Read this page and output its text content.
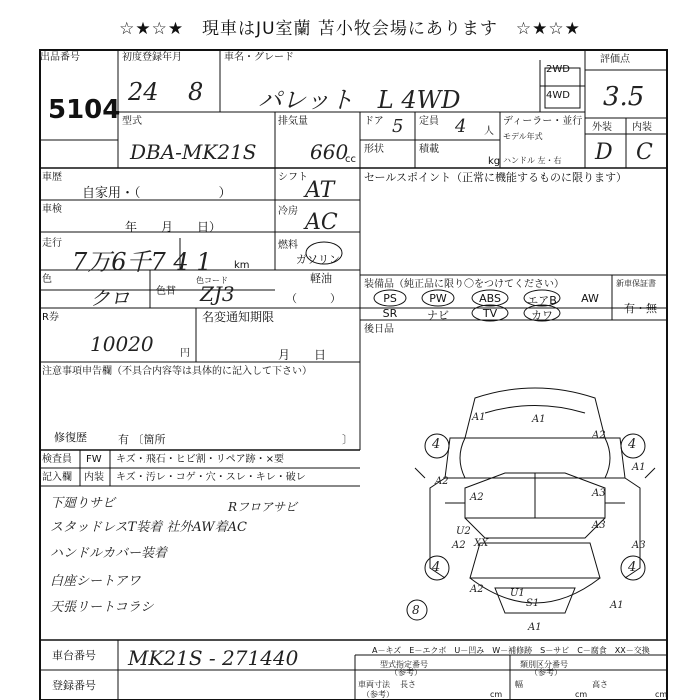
☆★☆★　現車はJU室蘭 苫小牧会場にあります　☆★☆★
出品番号
5104
初度登録年月
24 8
車名・グレード
パレット　L 4WD
2WD
4WD
評価点
3.5
型式
DBA-MK21S
排気量
660
cc
ドア 5
形状
定員 4 人
積載
kg
ディーラー・並行
モデル年式
ハンドル 左・右
外装 内装
D C
車歴
自家用・（　　　　　　）
車検
年　　月　　日）
走行
7万6千7 4 1 km
シフト
AT
冷房 AC
燃料
ガソリン
軽油
（　　　）
色
クロ	色替
色コード
ZJ3
R券
10020	円
名変通知期限
月　　日
セールスポイント（正常に機能するものに限ります）
装備品（純正品に限り〇をつけてください）
PS	PW	ABS	エアB	AW
SR	ナビ	TV	カワ
新車保証書
有・無
後日品
注意事項申告欄（不具合内容等は具体的に記入して下さい）
修復歴	有 〔箇所	〕
検査員 FW キズ・飛石・ヒビ割・リペア跡・×要
記入欄 内装 キズ・汚レ・コゲ・穴・スレ・キレ・破レ
下廻りサビ
スタッドレスT装着 社外AW着AC
ハンドルカバー装着
白座シートアワ
天張リートコラシ
Rフロアサビ
4	4
4	4
8
A1	A1
A2
A3
A2
A2
A2
U2
XX
A3
S1
A1
U1
A2
A1
A3
A1
A－キズ　E－エクボ　U－凹み　W－補修跡　S－サビ　C－腐食　XX－交換
車台番号 MK21S - 271440
登録番号
型式指定番号
（参考）
類別区分番号
（参考）
車両寸法
（参考）
長さ
cm
幅
cm
高さ
cm
